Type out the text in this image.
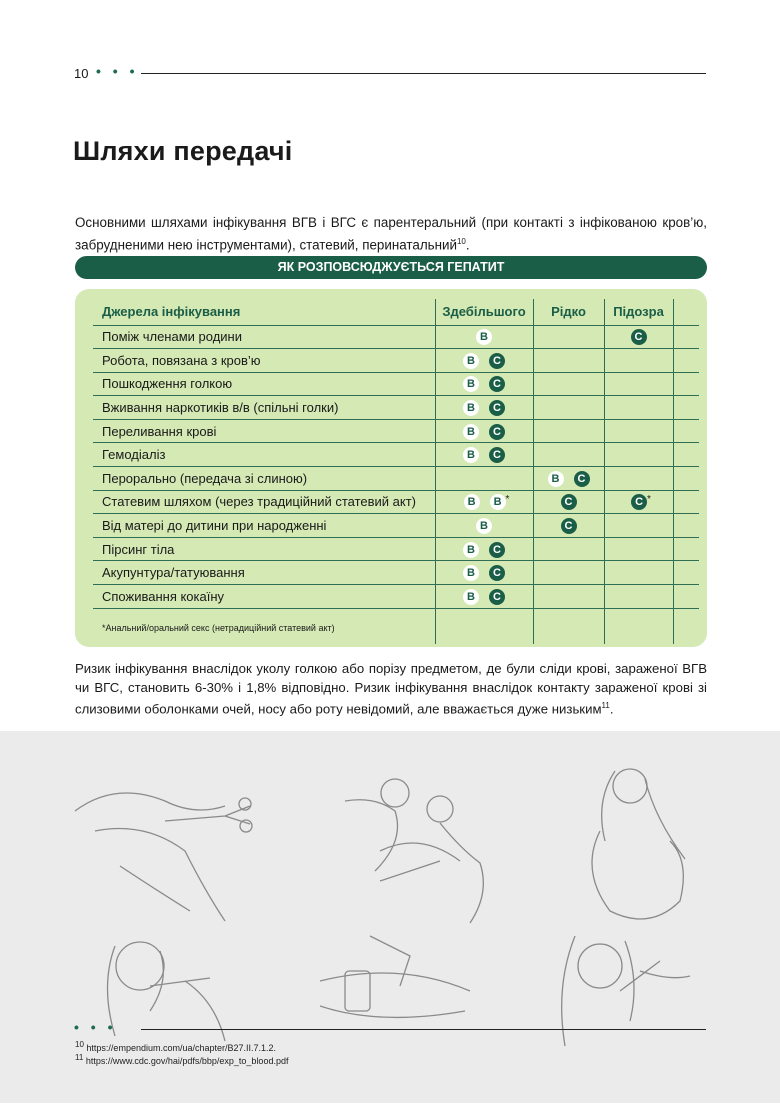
10 • • •
Шляхи передачі

Основними шляхами інфікування ВГВ і ВГС є парентеральний (при контакті з інфікованою кров’ю, забрудненими нею інструментами), статевий, перинатальний$^{10}$.

ЯК РОЗПОВСЮДЖУЄТЬСЯ ГЕПАТИТ
Джерела інфікування	Здебільшого	Рідко	Підозра	
Поміж членами родини	B		C	

Робота, повязана з кров’ю	B C			

Пошкодження голкою	B C			

Вживання наркотиків в/в (спільні голки)	B C			

Переливання крові	B C			

Гемодіаліз	B C			

Перорально (передача зі слиною)		B C		

Статевим шляхом (через традиційний статевий акт)	B B *	C	C *	

Від матері до дитини при народженні	B	C		

Пірсинг тіла	B C			

Акупунтура/татуювання	B C			

Споживання кокаїну	B C			

*Анальний/оральний секс (нетрадиційний статевий акт)				

Ризик інфікування внаслідок уколу голкою або порізу предметом, де були сліди крові, зараженої ВГВ чи ВГС, становить 6-30% і 1,8% відповідно. Ризик інфікування внаслідок контакту зараженої крові зі слизовими оболонками очей, носу або роту невідомий, але вважається дуже низьким$^{11}$.

• • •
$^{10}$ https://empendium.com/ua/chapter/B27.II.7.1.2.
$^{11}$ https://www.cdc.gov/hai/pdfs/bbp/exp_to_blood.pdf
